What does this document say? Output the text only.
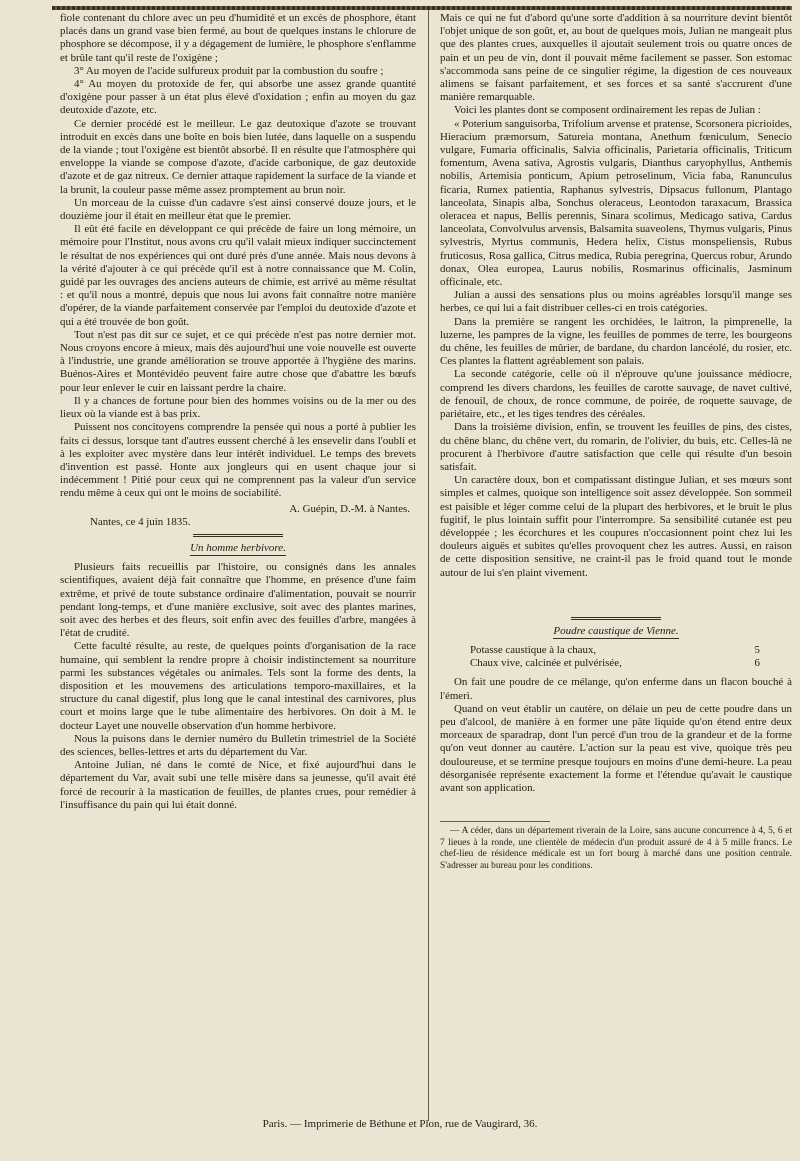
fiole contenant du chlore avec un peu d'humidité et un excès de phosphore, étant placés dans un grand vase bien fermé, au bout de quelques instans le chlorure de phosphore se décompose, il y a dégagement de lumière, le phosphore s'enflamme et brûle tant qu'il reste de l'oxigène ;

3° Au moyen de l'acide sulfureux produit par la combustion du soufre ;

4° Au moyen du protoxide de fer, qui absorbe une assez grande quantité d'oxigène pour passer à un état plus élevé d'oxidation ; enfin au moyen du gaz deutoxide d'azote, etc.

Ce dernier procédé est le meilleur. Le gaz deutoxique d'azote se trouvant introduit en excès dans une boîte en bois bien lutée, dans laquelle on a suspendu de la viande ; tout l'oxigène est bientôt absorbé. Il en résulte que l'atmosphère qui enveloppe la viande se compose d'azote, d'acide carbonique, de gaz deutoxide d'azote et de gaz nitreux. Ce dernier attaque rapidement la surface de la viande et la brunit, la couleur passe même assez promptement au brun noir.

Un morceau de la cuisse d'un cadavre s'est ainsi conservé douze jours, et le douzième jour il était en meilleur état que le premier.

Il eût été facile en développant ce qui précède de faire un long mémoire, un mémoire pour l'Institut, nous avons cru qu'il valait mieux indiquer succinctement le résultat de nos expériences qui ont duré près d'une année. Mais nous devons à la vérité d'ajouter à ce qui précède qu'il est à notre connaissance que M. Colin, guidé par les ouvrages des anciens auteurs de chimie, est arrivé au même résultat : et qu'il nous a montré, depuis que nous lui avons fait connaître notre manière d'opérer, de la viande parfaitement conservée par l'emploi du deutoxide d'azote et qui a été trouvée de bon goût.

Tout n'est pas dit sur ce sujet, et ce qui précède n'est pas notre dernier mot. Nous croyons encore à mieux, mais dès aujourd'hui une voie nouvelle est ouverte à l'industrie, une grande amélioration se trouve apportée à l'hygiène des marins. Buénos-Aires et Montévidéo peuvent faire autre chose que d'abattre les bœufs pour leur enlever le cuir en laissant perdre la chaire.

Il y a chances de fortune pour bien des hommes voisins ou de la mer ou des lieux où la viande est à bas prix.

Puissent nos concitoyens comprendre la pensée qui nous a porté à publier les faits ci dessus, lorsque tant d'autres eussent cherché à les ensevelir dans l'oubli et à les exploiter avec mystère dans leur intérêt individuel. Le temps des brevets d'invention est passé. Honte aux jongleurs qui en usent chaque jour si indécemment ! Pitié pour ceux qui ne comprennent pas la valeur d'un service rendu même à ceux qui ont le moins de sociabilité.

A. Guépin, D.-M. à Nantes.

Nantes, ce 4 juin 1835.

Un homme herbivore.

Plusieurs faits recueillis par l'histoire, ou consignés dans les annales scientifiques, avaient déjà fait connaître que l'homme, en présence d'une faim extrême, et privé de toute substance ordinaire d'alimentation, pouvait se nourrir pendant long-temps, et d'une manière exclusive, soit avec des plantes marines, soit avec des herbes et des fleurs, soit enfin avec des feuilles d'arbre, mangées à l'état de crudité.

Cette faculté résulte, au reste, de quelques points d'organisation de la race humaine, qui semblent la rendre propre à choisir indistinctement sa nourriture parmi les substances végétales ou animales. Tels sont la forme des dents, la disposition et les mouvemens des articulations temporo-maxillaires, et la structure du canal digestif, plus long que le canal intestinal des carnivores, plus court et moins large que le tube alimentaire des herbivores. On doit à M. le docteur Layet une nouvelle observation d'un homme herbivore.

Nous la puisons dans le dernier numéro du Bulletin trimestriel de la Société des sciences, belles-lettres et arts du département du Var.

Antoine Julian, né dans le comté de Nice, et fixé aujourd'hui dans le département du Var, avait subi une telle misère dans sa jeunesse, qu'il avait été forcé de recourir à la mastication de feuilles, de plantes crues, pour remédier à l'insuffisance du pain qui lui était donné.

Mais ce qui ne fut d'abord qu'une sorte d'addition à sa nourriture devint bientôt l'objet unique de son goût, et, au bout de quelques mois, Julian ne mangeait plus que des plantes crues, auxquelles il ajoutait seulement trois ou quatre onces de pain et un peu de vin, dont il pouvait même facilement se passer. Son estomac s'accommoda sans peine de ce singulier régime, la digestion de ces nouveaux alimens se faisant parfaitement, et ses forces et sa santé s'accrurent d'une manière remarquable.

Voici les plantes dont se composent ordinairement les repas de Julian :

« Poterium sanguisorba, Trifolium arvense et pratense, Scorsonera picrioides, Hieracium præmorsum, Satureia montana, Anethum fœniculum, Senecio vulgare, Fumaria officinalis, Salvia officinalis, Parietaria officinalis, Triticum fomentum, Avena sativa, Agrostis vulgaris, Dianthus caryophyllus, Anthemis nobilis, Artemisia ponticum, Apium petroselinum, Vicia faba, Ranunculus ficaria, Rumex patientia, Raphanus sylvestris, Dipsacus fullonum, Plantago lanceolata, Sinapis alba, Sonchus oleraceus, Leontodon taraxacum, Brassica oleracea et napus, Bellis perennis, Sinara scolimus, Medicago sativa, Cardus lanceolata, Convolvulus arvensis, Balsamita suaveolens, Thymus vulgaris, Pinus sylvestris, Myrtus communis, Hedera helix, Cistus monspeliensis, Rubus fruticosus, Rosa gallica, Citrus medica, Rubia peregrina, Quercus robur, Arundo donax, Olea europea, Laurus nobilis, Rosmarinus officinalis, Jasminum officinale, etc.

Julian a aussi des sensations plus ou moins agréables lorsqu'il mange ses herbes, ce qui lui a fait distribuer celles-ci en trois catégories.

Dans la première se rangent les orchidées, le laitron, la pimprenelle, la luzerne, les pampres de la vigne, les feuilles de pommes de terre, les bourgeons du chêne, les feuilles de mûrier, de bardane, du chardon lancéolé, du rosier, etc. Ces plantes la flattent agréablement son palais.

La seconde catégorie, celle où il n'éprouve qu'une jouissance médiocre, comprend les divers chardons, les feuilles de carotte sauvage, de navet cultivé, de fenouil, de choux, de ronce commune, de poirée, de roquette sauvage, de pariétaire, etc., et les tiges tendres des céréales.

Dans la troisième division, enfin, se trouvent les feuilles de pins, des cistes, du chêne blanc, du chêne vert, du romarin, de l'olivier, du buis, etc. Celles-là ne procurent à l'herbivore d'autre satisfaction que celle qui résulte d'un besoin satisfait.

Un caractère doux, bon et compatissant distingue Julian, et ses mœurs sont simples et calmes, quoique son intelligence soit assez développée. Son sommeil est paisible et léger comme celui de la plupart des herbivores, et le bruit le plus fugitif, le plus lointain suffit pour l'interrompre. Sa sensibilité cutanée est peu développée ; les écorchures et les coupures n'occasionnent point chez lui les douleurs aiguës et subites qu'elles provoquent chez les autres. Aussi, en raison de cette disposition sensitive, ne craint-il pas le froid quand tout le monde autour de lui s'en plaint vivement.

Poudre caustique de Vienne.

Potasse caustique à la chaux,	5
Chaux vive, calcinée et pulvérisée,	6

On fait une poudre de ce mélange, qu'on enferme dans un flacon bouché à l'émeri.

Quand on veut établir un cautère, on délaie un peu de cette poudre dans un peu d'alcool, de manière à en former une pâte liquide qu'on étend entre deux morceaux de sparadrap, dont l'un percé d'un trou de la grandeur et de la forme qu'on veut donner au cautère. L'action sur la peau est vive, quoique très peu douloureuse, et se termine presque toujours en moins d'une demi-heure. La peau désorganisée représente exactement la forme et l'étendue qu'avait le caustique avant son application.

— A céder, dans un département riverain de la Loire, sans aucune concurrence à 4, 5, 6 et 7 lieues à la ronde, une clientèle de médecin d'un produit assuré de 4 à 5 mille francs. Le chef-lieu de résidence médicale est un fort bourg à marché dans une position centrale. S'adresser au bureau pour les conditions.

Paris. — Imprimerie de Béthune et Plon, rue de Vaugirard, 36.
